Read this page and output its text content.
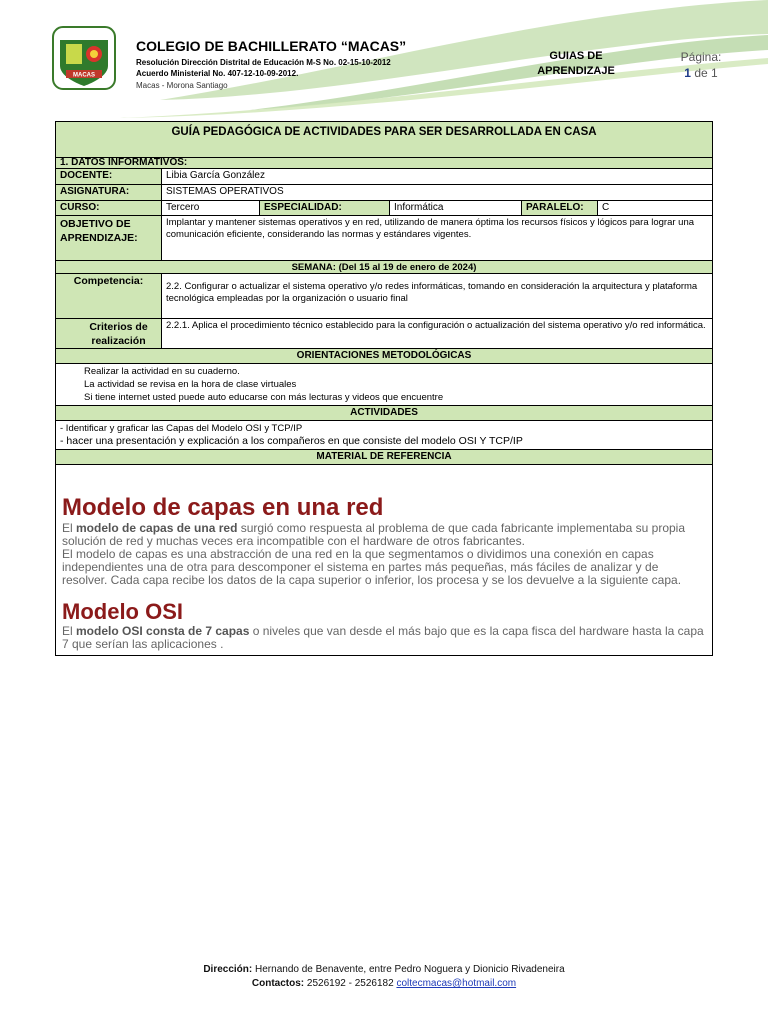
MACAS
COLEGIO DE BACHILLERATO “MACAS”
Resolución Dirección Distrital de Educación M-S No. 02-15-10-2012
Acuerdo Ministerial No. 407-12-10-09-2012.
Macas - Morona Santiago
GUIAS DE
APRENDIZAJE
Página:
1 de 1
GUÍA PEDAGÓGICA DE ACTIVIDADES PARA SER DESARROLLADA EN CASA
1. DATOS INFORMATIVOS:
DOCENTE:	Libia García González
ASIGNATURA:	SISTEMAS OPERATIVOS
CURSO:	Tercero	ESPECIALIDAD:	Informática	PARALELO:	C
OBJETIVO DE APRENDIZAJE:
Implantar y mantener sistemas operativos y en red, utilizando de manera óptima los recursos físicos y lógicos para lograr una comunicación eficiente, considerando las normas y estándares vigentes.
SEMANA: (Del 15 al 19 de enero de 2024)
Competencia:	2.2. Configurar o actualizar el sistema operativo y/o redes informáticas, tomando en consideración la arquitectura y plataforma tecnológica empleadas por la organización o usuario final
Criterios de realización
2.2.1. Aplica el procedimiento técnico establecido para la configuración o actualización del sistema operativo y/o red informática.
ORIENTACIONES METODOLÓGICAS
Realizar la actividad en su cuaderno.
La actividad se revisa en la hora de clase virtuales
Si tiene internet usted puede auto educarse con más lecturas y videos que encuentre
ACTIVIDADES
- Identificar y graficar las Capas del Modelo OSI y TCP/IP
- hacer una presentación y explicación a los compañeros en que consiste del modelo OSI Y TCP/IP
MATERIAL DE REFERENCIA
Modelo de capas en una red

El modelo de capas de una red surgió como respuesta al problema de que cada fabricante implementaba su propia solución de red y muchas veces era incompatible con el hardware de otros fabricantes.

El modelo de capas es una abstracción de una red en la que segmentamos o dividimos una conexión en capas independientes una de otra para descomponer el sistema en partes más pequeñas, más fáciles de analizar y de resolver. Cada capa recibe los datos de la capa superior o inferior, los procesa y se los devuelve a la siguiente capa.

Modelo OSI

El modelo OSI consta de 7 capas o niveles que van desde el más bajo que es la capa fisca del hardware hasta la capa 7 que serían las aplicaciones .

Dirección: Hernando de Benavente, entre Pedro Noguera y Dionicio Rivadeneira
Contactos: 2526192 - 2526182 coltecmacas@hotmail.com
